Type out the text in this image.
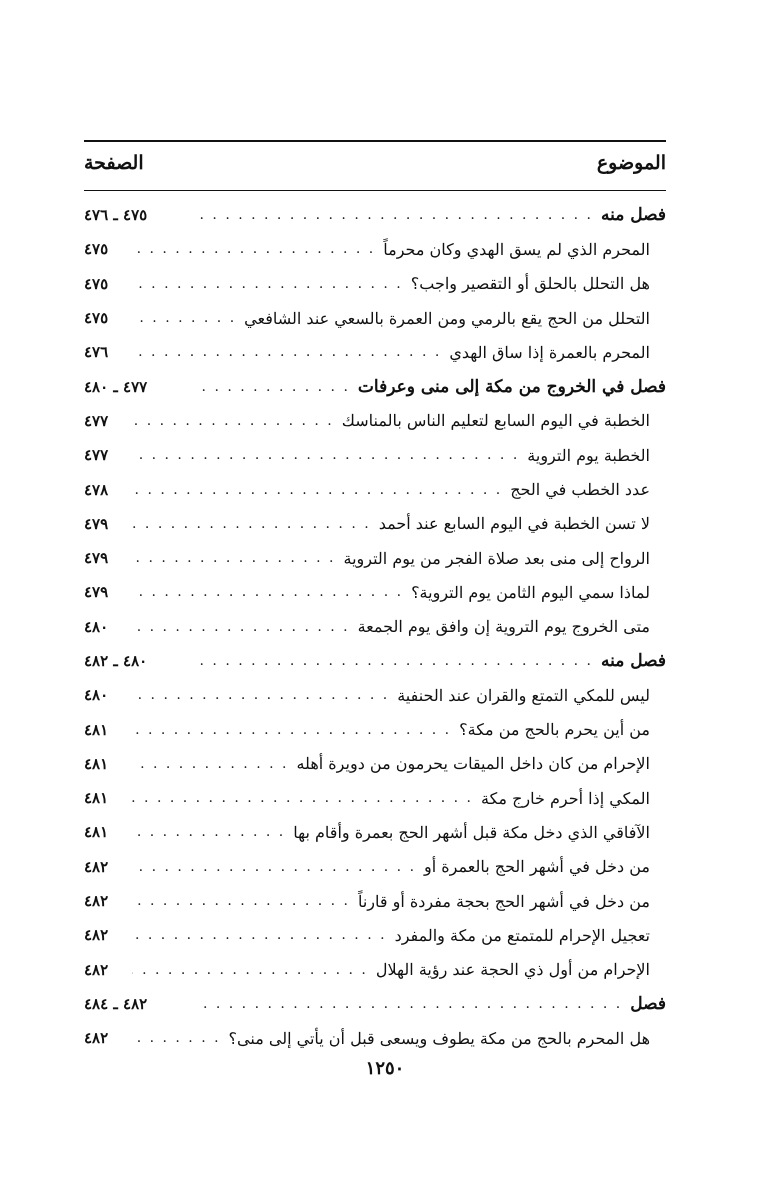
الموضوع
الصفحة
فصل منه
. . .
٤٧٥ ـ ٤٧٦
المحرم الذي لم يسق الهدي وكان محرماً
. . .
٤٧٥
هل التحلل بالحلق أو التقصير واجب؟
. . .
٤٧٥
التحلل من الحج يقع بالرمي ومن العمرة بالسعي عند الشافعي
. . .
٤٧٥
المحرم بالعمرة إذا ساق الهدي
. . .
٤٧٦
فصل في الخروج من مكة إلى منى وعرفات
. . .
٤٧٧ ـ ٤٨٠
الخطبة في اليوم السابع لتعليم الناس بالمناسك
. . .
٤٧٧
الخطبة يوم التروية
. . .
٤٧٧
عدد الخطب في الحج
. . .
٤٧٨
لا تسن الخطبة في اليوم السابع عند أحمد
. . .
٤٧٩
الرواح إلى منى بعد صلاة الفجر من يوم التروية
. . .
٤٧٩
لماذا سمي اليوم الثامن يوم التروية؟
. . .
٤٧٩
متى الخروج يوم التروية إن وافق يوم الجمعة
. . .
٤٨٠
فصل منه
. . .
٤٨٠ ـ ٤٨٢
ليس للمكي التمتع والقران عند الحنفية
. . .
٤٨٠
من أين يحرم بالحج من مكة؟
. . .
٤٨١
الإحرام من كان داخل الميقات يحرمون من دويرة أهله
. . .
٤٨١
المكي إذا أحرم خارج مكة
. . .
٤٨١
الآفاقي الذي دخل مكة قبل أشهر الحج بعمرة وأقام بها
. . .
٤٨١
من دخل في أشهر الحج بالعمرة أو
. . .
٤٨٢
من دخل في أشهر الحج بحجة مفردة أو قارناً
. . .
٤٨٢
تعجيل الإحرام للمتمتع من مكة والمفرد
. . .
٤٨٢
الإحرام من أول ذي الحجة عند رؤية الهلال
. . .
٤٨٢
فصل
. . .
٤٨٢ ـ ٤٨٤
هل المحرم بالحج من مكة يطوف ويسعى قبل أن يأتي إلى منى؟
. . .
٤٨٢
١٢٥٠
